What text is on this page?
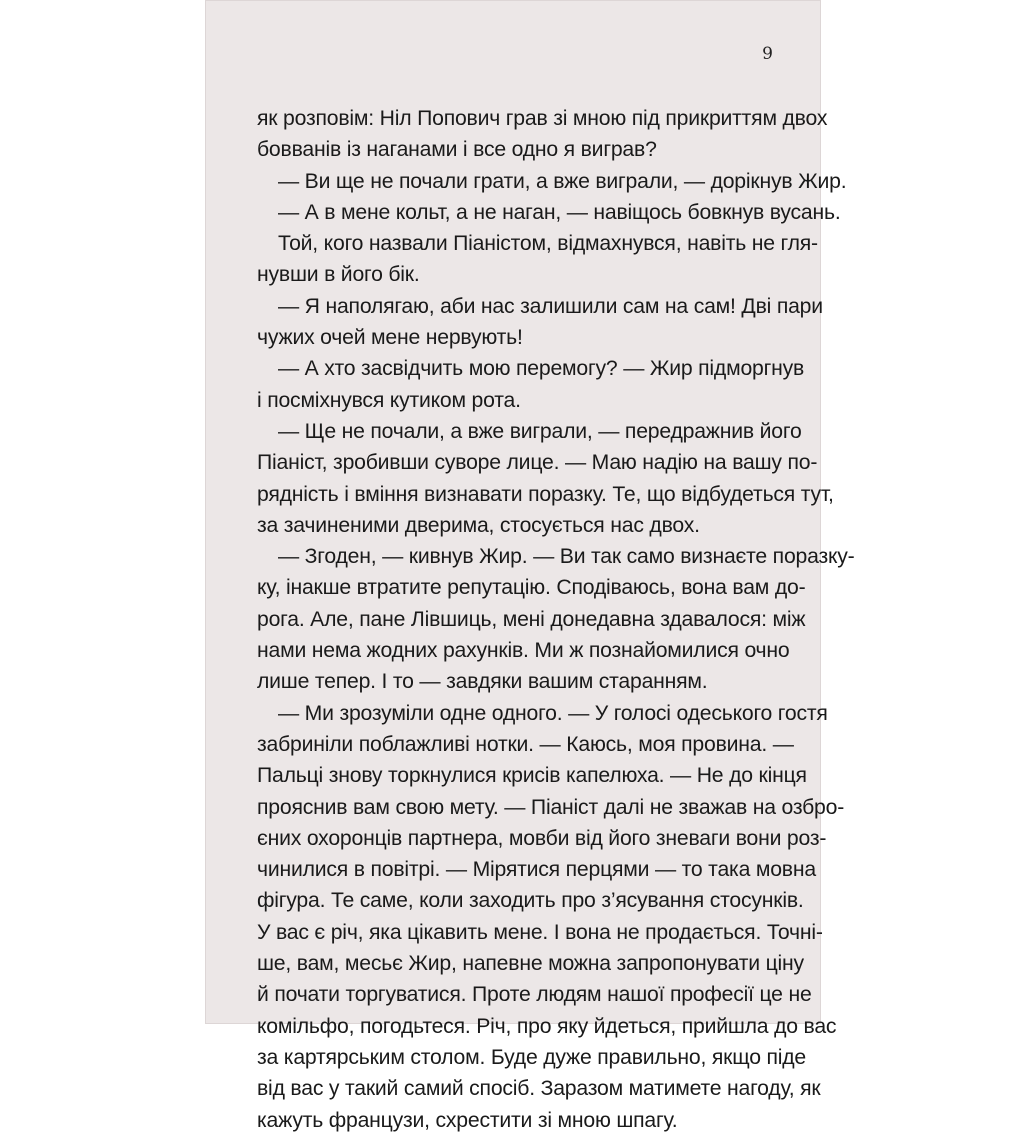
9
як розповім: Ніл Попович грав зі мною під прикриттям двох
бовванів із наганами і все одно я виграв?
— Ви ще не почали грати, а вже виграли, — дорікнув Жир.
— А в мене кольт, а не наган, — навіщось бовкнув вусань.
Той, кого назвали Піаністом, відмахнувся, навіть не гля-
нувши в його бік.
— Я наполягаю, аби нас залишили сам на сам! Дві пари
чужих очей мене нервують!
— А хто засвідчить мою перемогу? — Жир підморгнув
і посміхнувся кутиком рота.
— Ще не почали, а вже виграли, — передражнив його
Піаніст, зробивши суворе лице. — Маю надію на вашу по-
рядність і вміння визнавати поразку. Те, що відбудеться тут,
за зачиненими дверима, стосується нас двох.
— Згоден, — кивнув Жир. — Ви так само визнаєте поразку-
ку, інакше втратите репутацію. Сподіваюсь, вона вам до-
рога. Але, пане Лівшиць, мені донедавна здавалося: між
нами нема жодних рахунків. Ми ж познайомилися очно
лише тепер. І то — завдяки вашим старанням.
— Ми зрозуміли одне одного. — У голосі одеського гостя
забриніли поблажливі нотки. — Каюсь, моя провина. —
Пальці знову торкнулися крисів капелюха. — Не до кінця
прояснив вам свою мету. — Піаніст далі не зважав на озбро-
єних охоронців партнера, мовби від його зневаги вони роз-
чинилися в повітрі. — Мірятися перцями — то така мовна
фігура. Те саме, коли заходить про з’ясування стосунків.
У вас є річ, яка цікавить мене. І вона не продається. Точні-
ше, вам, месьє Жир, напевне можна запропонувати ціну
й почати торгуватися. Проте людям нашої професії це не
комільфо, погодьтеся. Річ, про яку йдеться, прийшла до вас
за картярським столом. Буде дуже правильно, якщо піде
від вас у такий самий спосіб. Заразом матимете нагоду, як
кажуть французи, схрестити зі мною шпагу.
